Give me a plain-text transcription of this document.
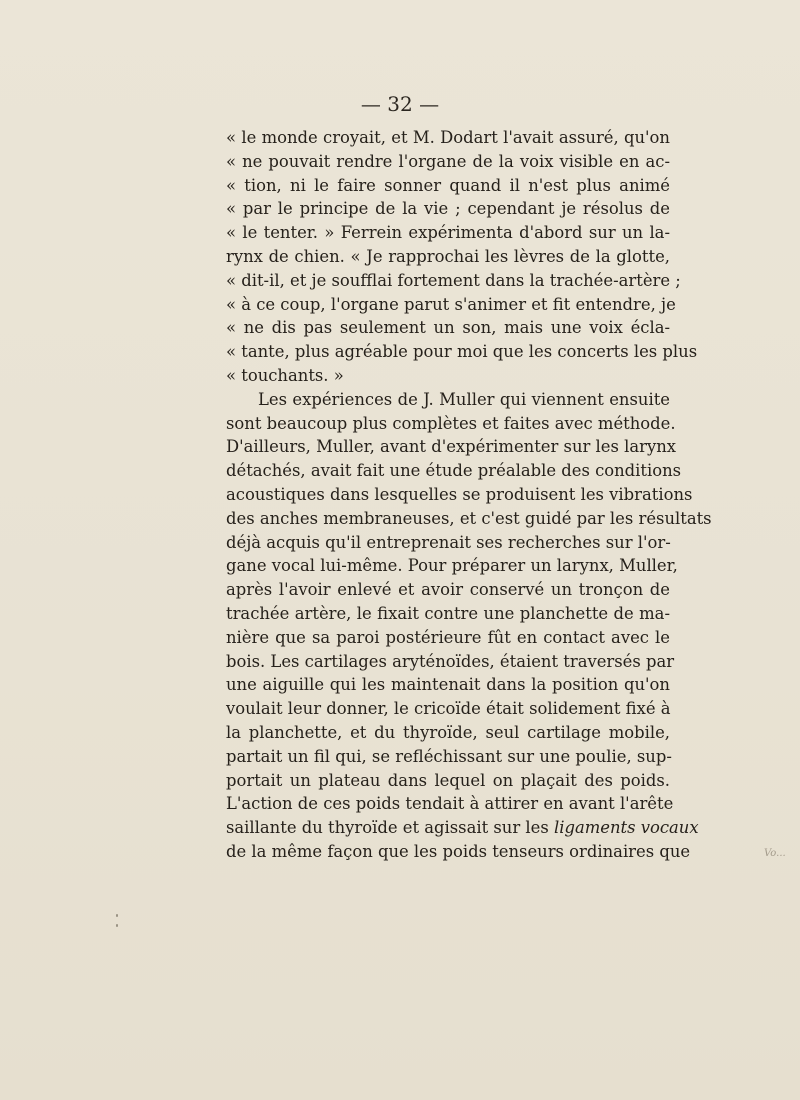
— 32 —
« le monde croyait, et M. Dodart l'avait assuré, qu'on
« ne pouvait rendre l'organe de la voix visible en ac-
« tion, ni le faire sonner quand il n'est plus animé
« par le principe de la vie ; cependant je résolus de
« le tenter. » Ferrein expérimenta d'abord sur un la-
rynx de chien. « Je rapprochai les lèvres de la glotte,
« dit-il, et je soufflai fortement dans la trachée-artère ;
« à ce coup, l'organe parut s'animer et fit entendre, je
« ne dis pas seulement un son, mais une voix écla-
« tante, plus agréable pour moi que les concerts les plus
« touchants. »
Les expériences de J. Muller qui viennent ensuite
sont beaucoup plus complètes et faites avec méthode.
D'ailleurs, Muller, avant d'expérimenter sur les larynx
détachés, avait fait une étude préalable des conditions
acoustiques dans lesquelles se produisent les vibrations
des anches membraneuses, et c'est guidé par les résultats
déjà acquis qu'il entreprenait ses recherches sur l'or-
gane vocal lui-même. Pour préparer un larynx, Muller,
après l'avoir enlevé et avoir conservé un tronçon de
trachée artère, le fixait contre une planchette de ma-
nière que sa paroi postérieure fût en contact avec le
bois. Les cartilages aryténoïdes, étaient traversés par
une aiguille qui les maintenait dans la position qu'on
voulait leur donner, le cricoïde était solidement fixé à
la planchette, et du thyroïde, seul cartilage mobile,
partait un fil qui, se refléchissant sur une poulie, sup-
portait un plateau dans lequel on plaçait des poids.
L'action de ces poids tendait à attirer en avant l'arête
saillante du thyroïde et agissait sur les ligaments vocaux
de la même façon que les poids tenseurs ordinaires que	Vo...
